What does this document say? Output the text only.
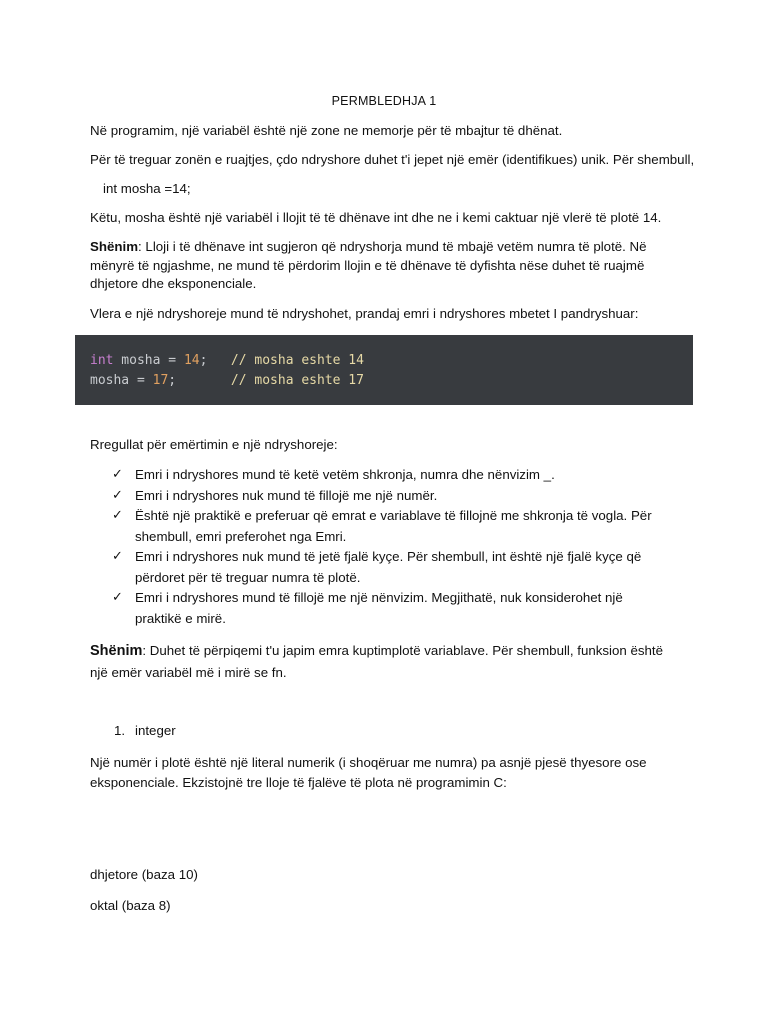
PERMBLEDHJA 1
Në programim, një variabël është një zone ne memorje për të mbajtur të dhënat.
Për të treguar zonën e ruajtjes, çdo ndryshore duhet t'i jepet një emër (identifikues) unik. Për shembull,
int mosha =14;
Këtu, mosha është një variabël i llojit të të dhënave int dhe ne i kemi caktuar një vlerë të plotë 14.
Shënim: Lloji i të dhënave int sugjeron që ndryshorja mund të mbajë vetëm numra të plotë. Në mënyrë të ngjashme, ne mund të përdorim llojin e të dhënave të dyfishta nëse duhet të ruajmë dhjetore dhe eksponenciale.
Vlera e një ndryshoreje mund të ndryshohet, prandaj emri i ndryshores mbetet I pandryshuar:
int mosha = 14; // mosha eshte 14
mosha = 17;	// mosha eshte 17
Rregullat për emërtimin e një ndryshoreje:
✓ Emri i ndryshores mund të ketë vetëm shkronja, numra dhe nënvizim _.
✓ Emri i ndryshores nuk mund të fillojë me një numër.
✓ Është një praktikë e preferuar që emrat e variablave të fillojnë me shkronja të vogla. Për shembull, emri preferohet nga Emri.
✓ Emri i ndryshores nuk mund të jetë fjalë kyçe. Për shembull, int është një fjalë kyçe që përdoret për të treguar numra të plotë.
✓ Emri i ndryshores mund të fillojë me një nënvizim. Megjithatë, nuk konsiderohet një praktikë e mirë.
Shënim: Duhet të përpiqemi t'u japim emra kuptimplotë variablave. Për shembull, funksion është një emër variabël më i mirë se fn.
1. integer
Një numër i plotë është një literal numerik (i shoqëruar me numra) pa asnjë pjesë thyesore ose eksponenciale. Ekzistojnë tre lloje të fjalëve të plota në programimin C:
dhjetore (baza 10)
oktal (baza 8)
